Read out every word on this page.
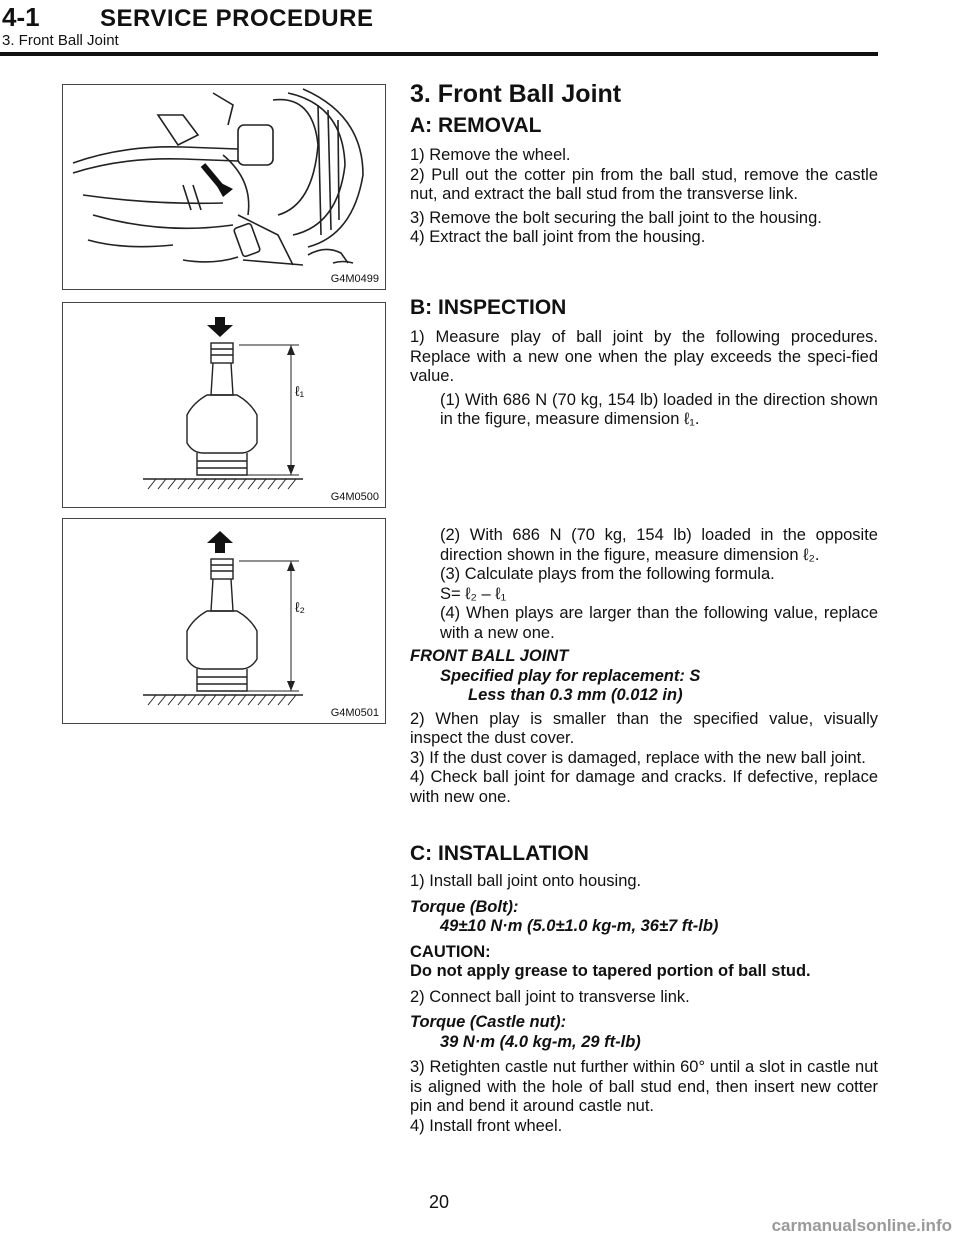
4-1	SERVICE PROCEDURE
3. Front Ball Joint
G4M0499
ℓ₁
G4M0500
ℓ₂
G4M0501
3. Front Ball Joint
A: REMOVAL

1) Remove the wheel.

2) Pull out the cotter pin from the ball stud, remove the castle nut, and extract the ball stud from the transverse link.

3) Remove the bolt securing the ball joint to the housing.

4) Extract the ball joint from the housing.

B: INSPECTION

1) Measure play of ball joint by the following procedures. Replace with a new one when the play exceeds the speci-fied value.

(1) With 686 N (70 kg, 154 lb) loaded in the direction shown in the figure, measure dimension ℓ₁.

(2) With 686 N (70 kg, 154 lb) loaded in the opposite direction shown in the figure, measure dimension ℓ₂.

(3) Calculate plays from the following formula.

S= ℓ₂ – ℓ₁

(4) When plays are larger than the following value, replace with a new one.

FRONT BALL JOINT

Specified play for replacement: S

Less than 0.3 mm (0.012 in)

2) When play is smaller than the specified value, visually inspect the dust cover.

3) If the dust cover is damaged, replace with the new ball joint.

4) Check ball joint for damage and cracks. If defective, replace with new one.

C: INSTALLATION

1) Install ball joint onto housing.

Torque (Bolt):

49±10 N·m (5.0±1.0 kg-m, 36±7 ft-lb)

CAUTION:

Do not apply grease to tapered portion of ball stud.

2) Connect ball joint to transverse link.

Torque (Castle nut):

39 N·m (4.0 kg-m, 29 ft-lb)

3) Retighten castle nut further within 60° until a slot in castle nut is aligned with the hole of ball stud end, then insert new cotter pin and bend it around castle nut.

4) Install front wheel.

20
carmanualsonline.info
